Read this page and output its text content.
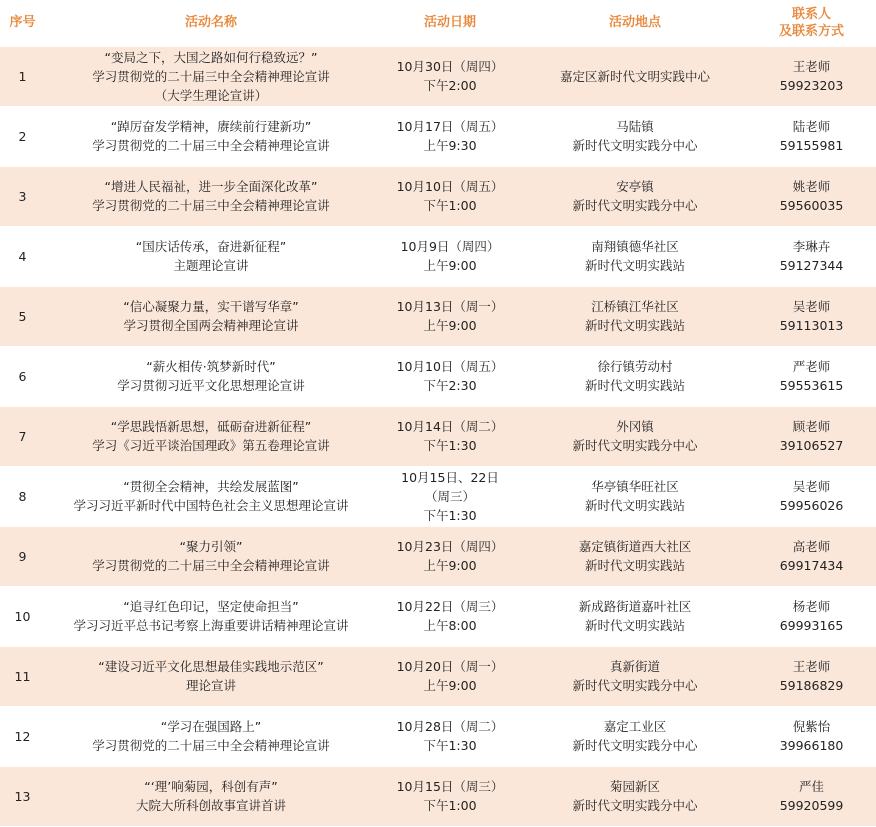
序号	活动名称	活动日期	活动地点	联系人
及联系方式

1	“变局之下，大国之路如何行稳致远？”
学习贯彻党的二十届三中全会精神理论宣讲
（大学生理论宣讲）	10月30日（周四）
下午2:00	嘉定区新时代文明实践中心	王老师
59923203

2	“踔厉奋发学精神，赓续前行建新功”
学习贯彻党的二十届三中全会精神理论宣讲	10月17日（周五）
上午9:30	马陆镇
新时代文明实践分中心	陆老师
59155981

3	“增进人民福祉，进一步全面深化改革”
学习贯彻党的二十届三中全会精神理论宣讲	10月10日（周五）
下午1:00	安亭镇
新时代文明实践分中心	姚老师
59560035

4	“国庆话传承，奋进新征程”
主题理论宣讲	10月9日（周四）
上午9:00	南翔镇德华社区
新时代文明实践站	李琳卉
59127344

5	“信心凝聚力量，实干谱写华章”
学习贯彻全国两会精神理论宣讲	10月13日（周一）
上午9:00	江桥镇江华社区
新时代文明实践站	吴老师
59113013

6	“薪火相传·筑梦新时代”
学习贯彻习近平文化思想理论宣讲	10月10日（周五）
下午2:30	徐行镇劳动村
新时代文明实践站	严老师
59553615

7	“学思践悟新思想，砥砺奋进新征程”
学习《习近平谈治国理政》第五卷理论宣讲	10月14日（周二）
下午1:30	外冈镇
新时代文明实践分中心	顾老师
39106527

8	“贯彻全会精神，共绘发展蓝图”
学习习近平新时代中国特色社会主义思想理论宣讲	10月15日、22日
（周三）
下午1:30	华亭镇华旺社区
新时代文明实践站	吴老师
59956026

9	“聚力引领”
学习贯彻党的二十届三中全会精神理论宣讲	10月23日（周四）
上午9:00	嘉定镇街道西大社区
新时代文明实践站	高老师
69917434

10	“追寻红色印记，坚定使命担当”
学习习近平总书记考察上海重要讲话精神理论宣讲	10月22日（周三）
上午8:00	新成路街道嘉叶社区
新时代文明实践站	杨老师
69993165

11	“建设习近平文化思想最佳实践地示范区”
理论宣讲	10月20日（周一）
上午9:00	真新街道
新时代文明实践分中心	王老师
59186829

12	“学习在强国路上”
学习贯彻党的二十届三中全会精神理论宣讲	10月28日（周二）
下午1:30	嘉定工业区
新时代文明实践分中心	倪紫怡
39966180

13	“‘理’响菊园，科创有声”
大院大所科创故事宣讲首讲	10月15日（周三）
下午1:00	菊园新区
新时代文明实践分中心	严佳
59920599
